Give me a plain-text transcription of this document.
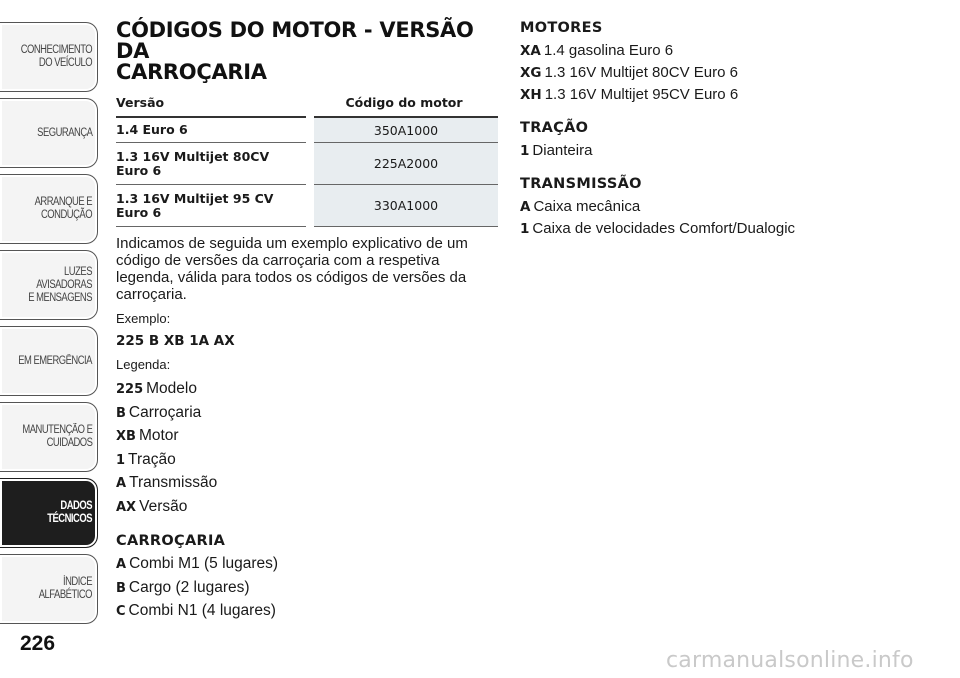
CONHECIMENTO
DO VEÍCULO
SEGURANÇA
ARRANQUE E
CONDUÇÃO
LUZES AVISADORAS
E MENSAGENS
EM EMERGÊNCIA
MANUTENÇÃO E
CUIDADOS
DADOS TÉCNICOS
ÍNDICE ALFABÉTICO
226
carmanualsonline.info
CÓDIGOS DO MOTOR - VERSÃO DA
CARROÇARIA
Versão	Código do motor
1.4 Euro 6	350A1000
1.3 16V Multijet 80CV
Euro 6	225A2000
1.3 16V Multijet 95 CV
Euro 6	330A1000

Indicamos de seguida um exemplo explicativo de um código de versões da carroçaria com a respetiva legenda, válida para todos os códigos de versões da carroçaria.

Exemplo:

225 B XB 1A AX

Legenda:

225 Modelo
B Carroçaria
XB Motor
1 Tração
A Transmissão
AX Versão
CARROÇARIA
A Combi M1 (5 lugares)
B Cargo (2 lugares)
C Combi N1 (4 lugares)
MOTORES
XA 1.4 gasolina Euro 6
XG 1.3 16V Multijet 80CV Euro 6
XH 1.3 16V Multijet 95CV Euro 6
TRAÇÃO
1 Dianteira
TRANSMISSÃO
A Caixa mecânica
1 Caixa de velocidades Comfort/Dualogic
